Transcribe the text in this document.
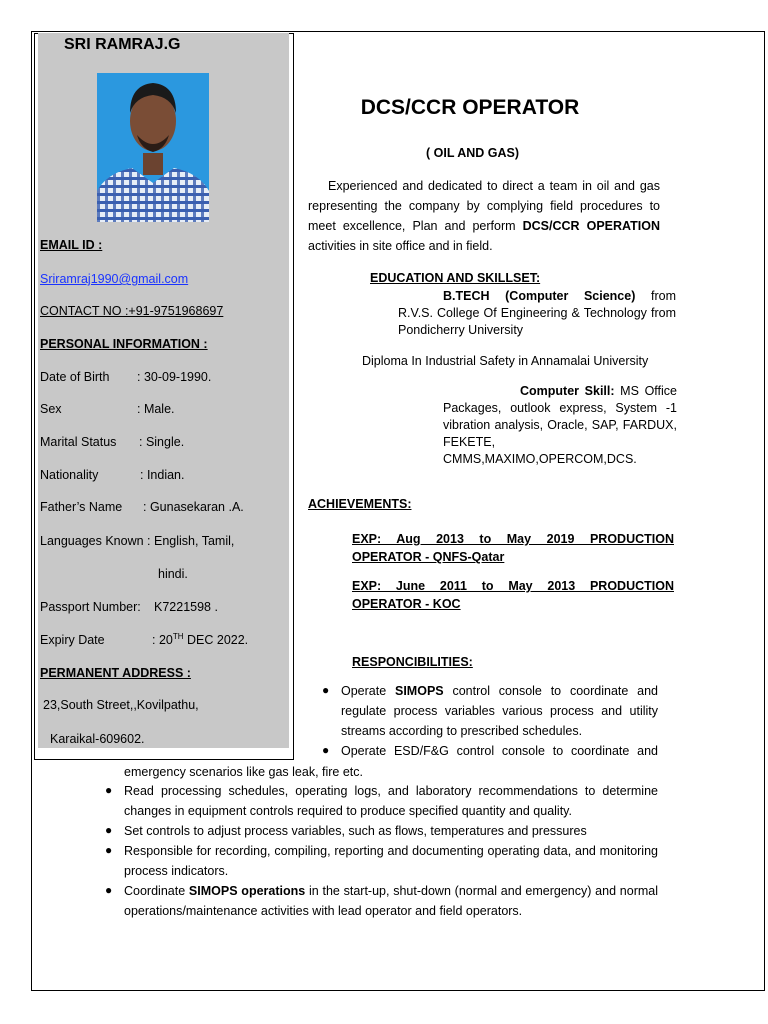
SRI RAMRAJ.G
EMAIL ID :
Sriramraj1990@gmail.com
CONTACT NO :+91-9751968697
PERSONAL INFORMATION :
Date of Birth : 30-09-1990.
Sex	: Male.
Marital Status : Single.
Nationality	: Indian.
Father’s Name : Gunasekaran .A.
Languages Known : English, Tamil,
hindi.
Passport Number: K7221598 .
Expiry Date	: 20TH DEC 2022.
PERMANENT ADDRESS :
23,South Street,,Kovilpathu,
Karaikal-609602.
DCS/CCR OPERATOR
( OIL AND GAS)
Experienced and dedicated to direct a team in oil and gas representing the company by complying field procedures to meet excellence, Plan and perform DCS/CCR OPERATION activities in site office and in field.
EDUCATION AND SKILLSET:
B.TECH (Computer Science) from R.V.S. College Of Engineering & Technology from Pondicherry University
Diploma In Industrial Safety in Annamalai University
Computer Skill: MS Office Packages, outlook express, System -1 vibration analysis, Oracle, SAP, FARDUX, FEKETE, CMMS,MAXIMO,OPERCOM,DCS.
ACHIEVEMENTS:
EXP: Aug 2013 to May 2019 PRODUCTION OPERATOR - QNFS-Qatar
EXP: June 2011 to May 2013 PRODUCTION OPERATOR - KOC
RESPONCIBILITIES:
● Operate SIMOPS control console to coordinate and regulate process variables various process and utility streams according to prescribed schedules.
● Operate ESD/F&G control console to coordinate and
emergency scenarios like gas leak, fire etc.
● Read processing schedules, operating logs, and laboratory recommendations to determine changes in equipment controls required to produce specified quantity and quality.
● Set controls to adjust process variables, such as flows, temperatures and pressures
● Responsible for recording, compiling, reporting and documenting operating data, and monitoring process indicators.
● Coordinate SIMOPS operations in the start-up, shut-down (normal and emergency) and normal operations/maintenance activities with lead operator and field operators.
